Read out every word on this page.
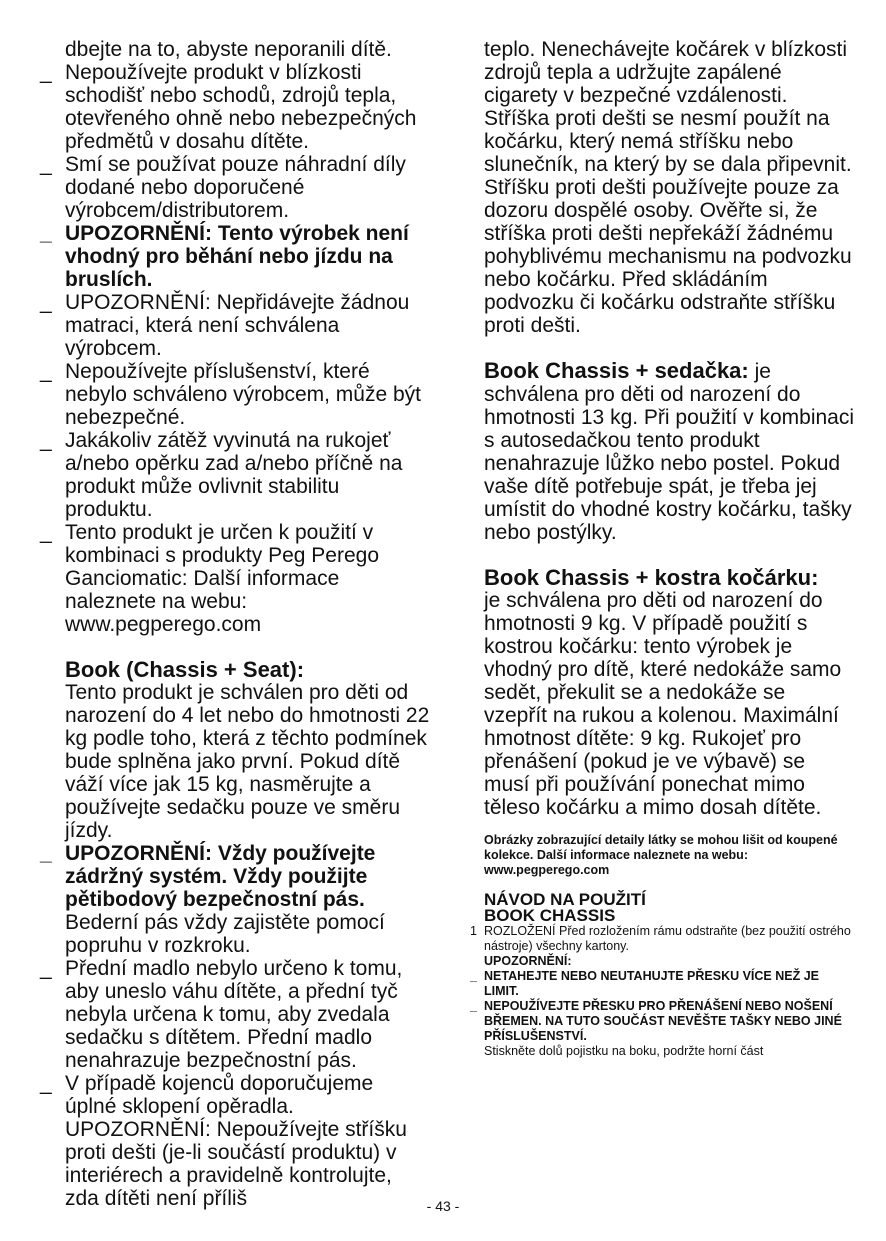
dbejte na to, abyste neporanili dítě.
_ Nepoužívejte produkt v blízkosti schodišť nebo schodů, zdrojů tepla, otevřeného ohně nebo nebezpečných předmětů v dosahu dítěte.
_ Smí se používat pouze náhradní díly dodané nebo doporučené výrobcem/distributorem.
_ UPOZORNĚNÍ: Tento výrobek není vhodný pro běhání nebo jízdu na bruslích.
_ UPOZORNĚNÍ: Nepřidávejte žádnou matraci, která není schválena výrobcem.
_ Nepoužívejte příslušenství, které nebylo schváleno výrobcem, může být nebezpečné.
_ Jakákoliv zátěž vyvinutá na rukojeť a/nebo opěrku zad a/nebo příčně na produkt může ovlivnit stabilitu produktu.
_ Tento produkt je určen k použití v kombinaci s produkty Peg Perego Ganciomatic: Další informace naleznete na webu: www.pegperego.com
Book (Chassis + Seat):
Tento produkt je schválen pro děti od narození do 4 let nebo do hmotnosti 22 kg podle toho, která z těchto podmínek bude splněna jako první. Pokud dítě váží více jak 15 kg, nasměrujte a používejte sedačku pouze ve směru jízdy.
_ UPOZORNĚNÍ: Vždy používejte zádržný systém. Vždy použijte pětibodový bezpečnostní pás.
Bederní pás vždy zajistěte pomocí popruhu v rozkroku.
_ Přední madlo nebylo určeno k tomu, aby uneslo váhu dítěte, a přední tyč nebyla určena k tomu, aby zvedala sedačku s dítětem. Přední madlo nenahrazuje bezpečnostní pás.
_ V případě kojenců doporučujeme úplné sklopení opěradla. UPOZORNĚNÍ: Nepoužívejte stříšku proti dešti (je-li součástí produktu) v interiérech a pravidelně kontrolujte, zda dítěti není příliš
teplo. Nenechávejte kočárek v blízkosti zdrojů tepla a udržujte zapálené cigarety v bezpečné vzdálenosti. Stříška proti dešti se nesmí použít na kočárku, který nemá stříšku nebo slunečník, na který by se dala připevnit. Stříšku proti dešti používejte pouze za dozoru dospělé osoby. Ověřte si, že stříška proti dešti nepřekáží žádnému pohyblivému mechanismu na podvozku nebo kočárku. Před skládáním podvozku či kočárku odstraňte stříšku proti dešti.
Book Chassis + sedačka: je schválena pro děti od narození do hmotnosti 13 kg. Při použití v kombinaci s autosedačkou tento produkt nenahrazuje lůžko nebo postel. Pokud vaše dítě potřebuje spát, je třeba jej umístit do vhodné kostry kočárku, tašky nebo postýlky.
Book Chassis + kostra kočárku:
je schválena pro děti od narození do hmotnosti 9 kg. V případě použití s kostrou kočárku: tento výrobek je vhodný pro dítě, které nedokáže samo sedět, překulit se a nedokáže se vzepřít na rukou a kolenou. Maximální hmotnost dítěte: 9 kg. Rukojeť pro přenášení (pokud je ve výbavě) se musí při používání ponechat mimo těleso kočárku a mimo dosah dítěte.
Obrázky zobrazující detaily látky se mohou lišit od koupené kolekce. Další informace naleznete na webu: www.pegperego.com
NÁVOD NA POUŽITÍ
BOOK CHASSIS
1 ROZLOŽENÍ Před rozložením rámu odstraňte (bez použití ostrého nástroje) všechny kartony.
UPOZORNĚNÍ:
_ NETAHEJTE NEBO NEUTAHUJTE PŘESKU VÍCE NEŽ JE LIMIT.
_ NEPOUŽÍVEJTE PŘESKU PRO PŘENÁŠENÍ NEBO NOŠENÍ BŘEMEN. NA TUTO SOUČÁST NEVĚŠTE TAŠKY NEBO JINÉ PŘÍSLUŠENSTVÍ.
Stiskněte dolů pojistku na boku, podržte horní část
- 43 -
